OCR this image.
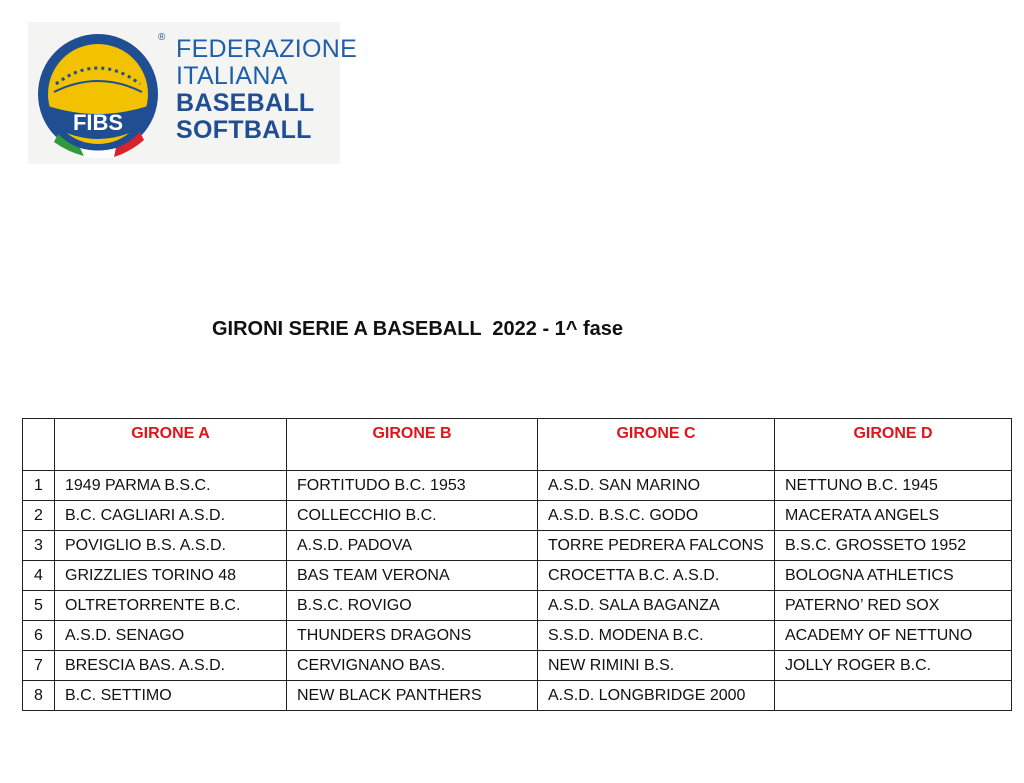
FIBS
® FEDERAZIONE
ITALIANA
BASEBALL
SOFTBALL
GIRONI SERIE A BASEBALL  2022 - 1^ fase
	GIRONE A	GIRONE B	GIRONE C	GIRONE D
1	1949 PARMA B.S.C.	FORTITUDO B.C. 1953	A.S.D. SAN MARINO	NETTUNO B.C. 1945
2	B.C. CAGLIARI A.S.D.	COLLECCHIO B.C.	A.S.D. B.S.C. GODO	MACERATA ANGELS
3	POVIGLIO B.S. A.S.D.	A.S.D. PADOVA	TORRE PEDRERA FALCONS	B.S.C. GROSSETO 1952
4	GRIZZLIES TORINO 48	BAS TEAM VERONA	CROCETTA B.C. A.S.D.	BOLOGNA ATHLETICS
5	OLTRETORRENTE B.C.	B.S.C. ROVIGO	A.S.D. SALA BAGANZA	PATERNO’ RED SOX
6	A.S.D. SENAGO	THUNDERS DRAGONS	S.S.D. MODENA B.C.	ACADEMY OF NETTUNO
7	BRESCIA BAS. A.S.D.	CERVIGNANO BAS.	NEW RIMINI B.S.	JOLLY ROGER B.C.
8	B.C. SETTIMO	NEW BLACK PANTHERS	A.S.D. LONGBRIDGE 2000	
